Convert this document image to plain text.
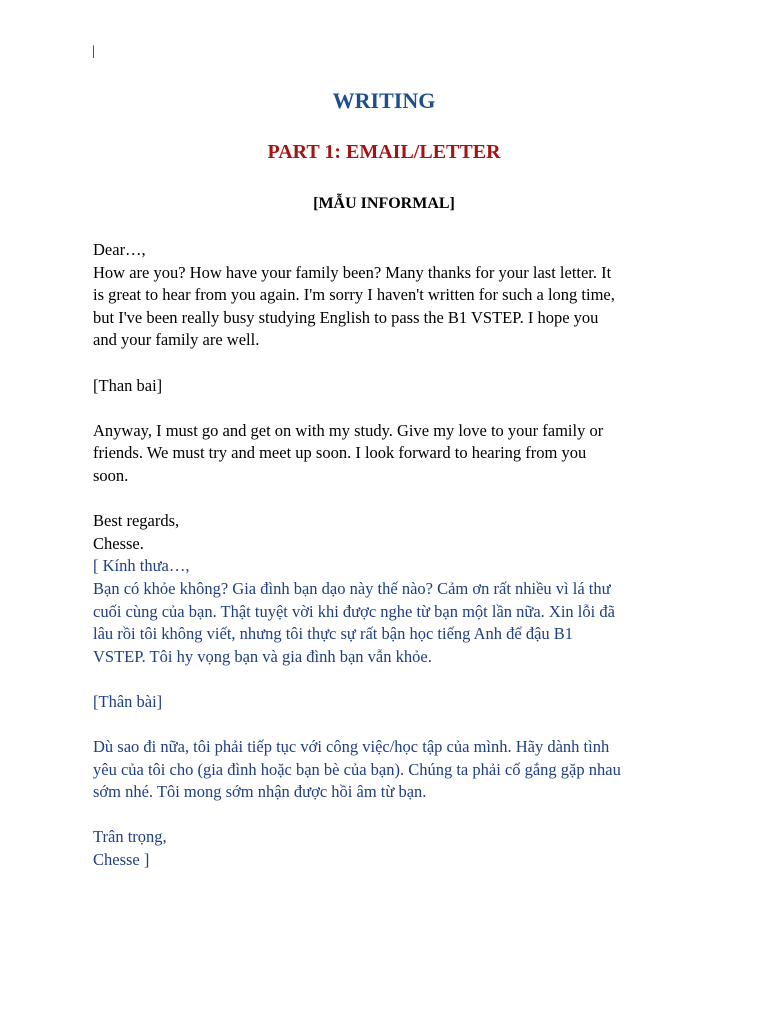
|
WRITING
PART 1: EMAIL/LETTER
[MẪU INFORMAL]

Dear…,

How are you? How have your family been? Many thanks for your last letter. It

is great to hear from you again. I'm sorry I haven't written for such a long time,

but I've been really busy studying English to pass the B1 VSTEP. I hope you

and your family are well.

[Than bai]

Anyway, I must go and get on with my study. Give my love to your family or

friends. We must try and meet up soon. I look forward to hearing from you

soon.

Best regards,

Chesse.

[ Kính thưa…,

Bạn có khỏe không? Gia đình bạn dạo này thế nào? Cảm ơn rất nhiều vì lá thư

cuối cùng của bạn. Thật tuyệt vời khi được nghe từ bạn một lần nữa. Xin lỗi đã

lâu rồi tôi không viết, nhưng tôi thực sự rất bận học tiếng Anh để đậu B1

VSTEP. Tôi hy vọng bạn và gia đình bạn vẫn khỏe.

[Thân bài]

Dù sao đi nữa, tôi phải tiếp tục với công việc/học tập của mình. Hãy dành tình

yêu của tôi cho (gia đình hoặc bạn bè của bạn). Chúng ta phải cố gắng gặp nhau

sớm nhé. Tôi mong sớm nhận được hồi âm từ bạn.

Trân trọng,

Chesse ]
